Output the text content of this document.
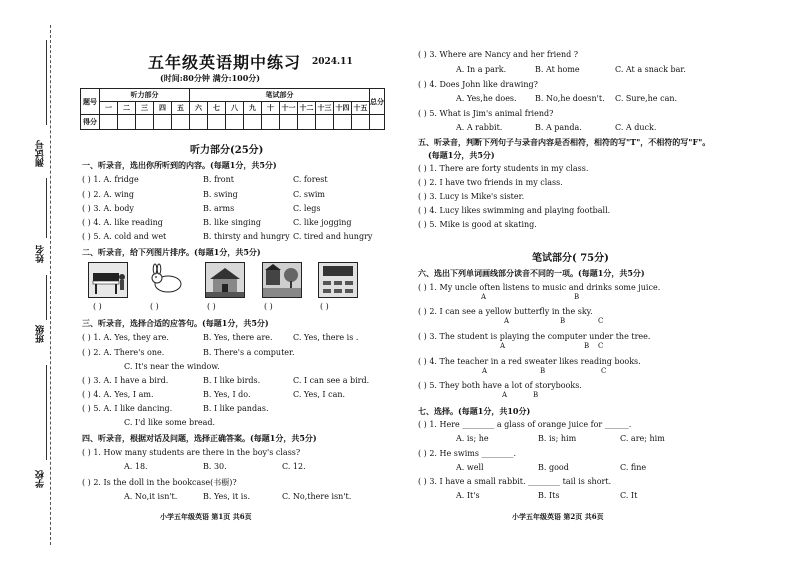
测试号
姓名
班级
学校
五年级英语期中练习 2024.11
(时间:80分钟 满分:100分)
题号	听力部分					笔试部分										总分
	一	二	三	四	五	六	七	八	九	十	十一	十二	十三	十四	十五	
得分																
听力部分(25分)
一、听录音，选出你所听到的内容。(每题1分，共5分)
( ) 1. A. fridge	B. front	C. forest
( ) 2. A. wing	B. swing	C. swim
( ) 3. A. body	B. arms	C. legs
( ) 4. A. like reading	B. like singing	C. like jogging
( ) 5. A. cold and wet	B. thirsty and hungry C. tired and hungry
二、听录音，给下列图片排序。(每题1分，共5分)
( )	( )	( )	( )	( )
三、听录音，选择合适的应答句。(每题1分，共5分)
( ) 1. A. Yes, they are.	B. Yes, there are.	C. Yes, there is .
( ) 2. A. There's one.	B. There's a computer.
C. It's near the window.
( ) 3. A. I have a bird.	B. I like birds.	C. I can see a bird.
( ) 4. A. Yes, I am.	B. Yes, I do.	C. Yes, I can.
( ) 5. A. I like dancing.	B. I like pandas.
C. I'd like some bread.
四、听录音，根据对话及问题，选择正确答案。(每题1分，共5分)
( ) 1. How many students are there in the boy's class?
A. 18.	B. 30.	C. 12.
( ) 2. Is the doll in the bookcase(书橱)?
A. No,it isn't.	B. Yes, it is.	C. No,there isn't.
小学五年级英语 第1页 共6页
( ) 3. Where are Nancy and her friend ?
A. In a park.	B. At home	C. At a snack bar.
( ) 4. Does John like drawing?
A. Yes,he does. B. No,he doesn't. C. Sure,he can.
( ) 5. What is Jim's animal friend?
A. A rabbit.	B. A panda.	C. A duck.
五、听录音，判断下列句子与录音内容是否相符，相符的写"T"，不相符的写"F"。
(每题1分，共5分)
( ) 1. There are forty students in my class.
( ) 2. I have two friends in my class.
( ) 3. Lucy is Mike's sister.
( ) 4. Lucy likes swimming and playing football.
( ) 5. Mike is good at skating.
笔试部分( 75分)
六、选出下列单词画线部分读音不同的一项。(每题1分，共5分)
( ) 1. My uncle often listens to music and drinks some juice.
A	B
( ) 2. I can see a yellow butterfly in the sky.
A	B	C
( ) 3. The student is playing the computer under the tree.
A	B C
( ) 4. The teacher in a red sweater likes reading books.
A	B	C
( ) 5. They both have a lot of storybooks.
A	B
七、选择。(每题1分，共10分)
( ) 1. Here ________ a glass of orange juice for ______.
A. is; he	B. is; him	C. are; him
( ) 2. He swims ________.
A. well	B. good	C. fine
( ) 3. I have a small rabbit. ________ tail is short.
A. It's	B. Its	C. It
小学五年级英语 第2页 共6页
